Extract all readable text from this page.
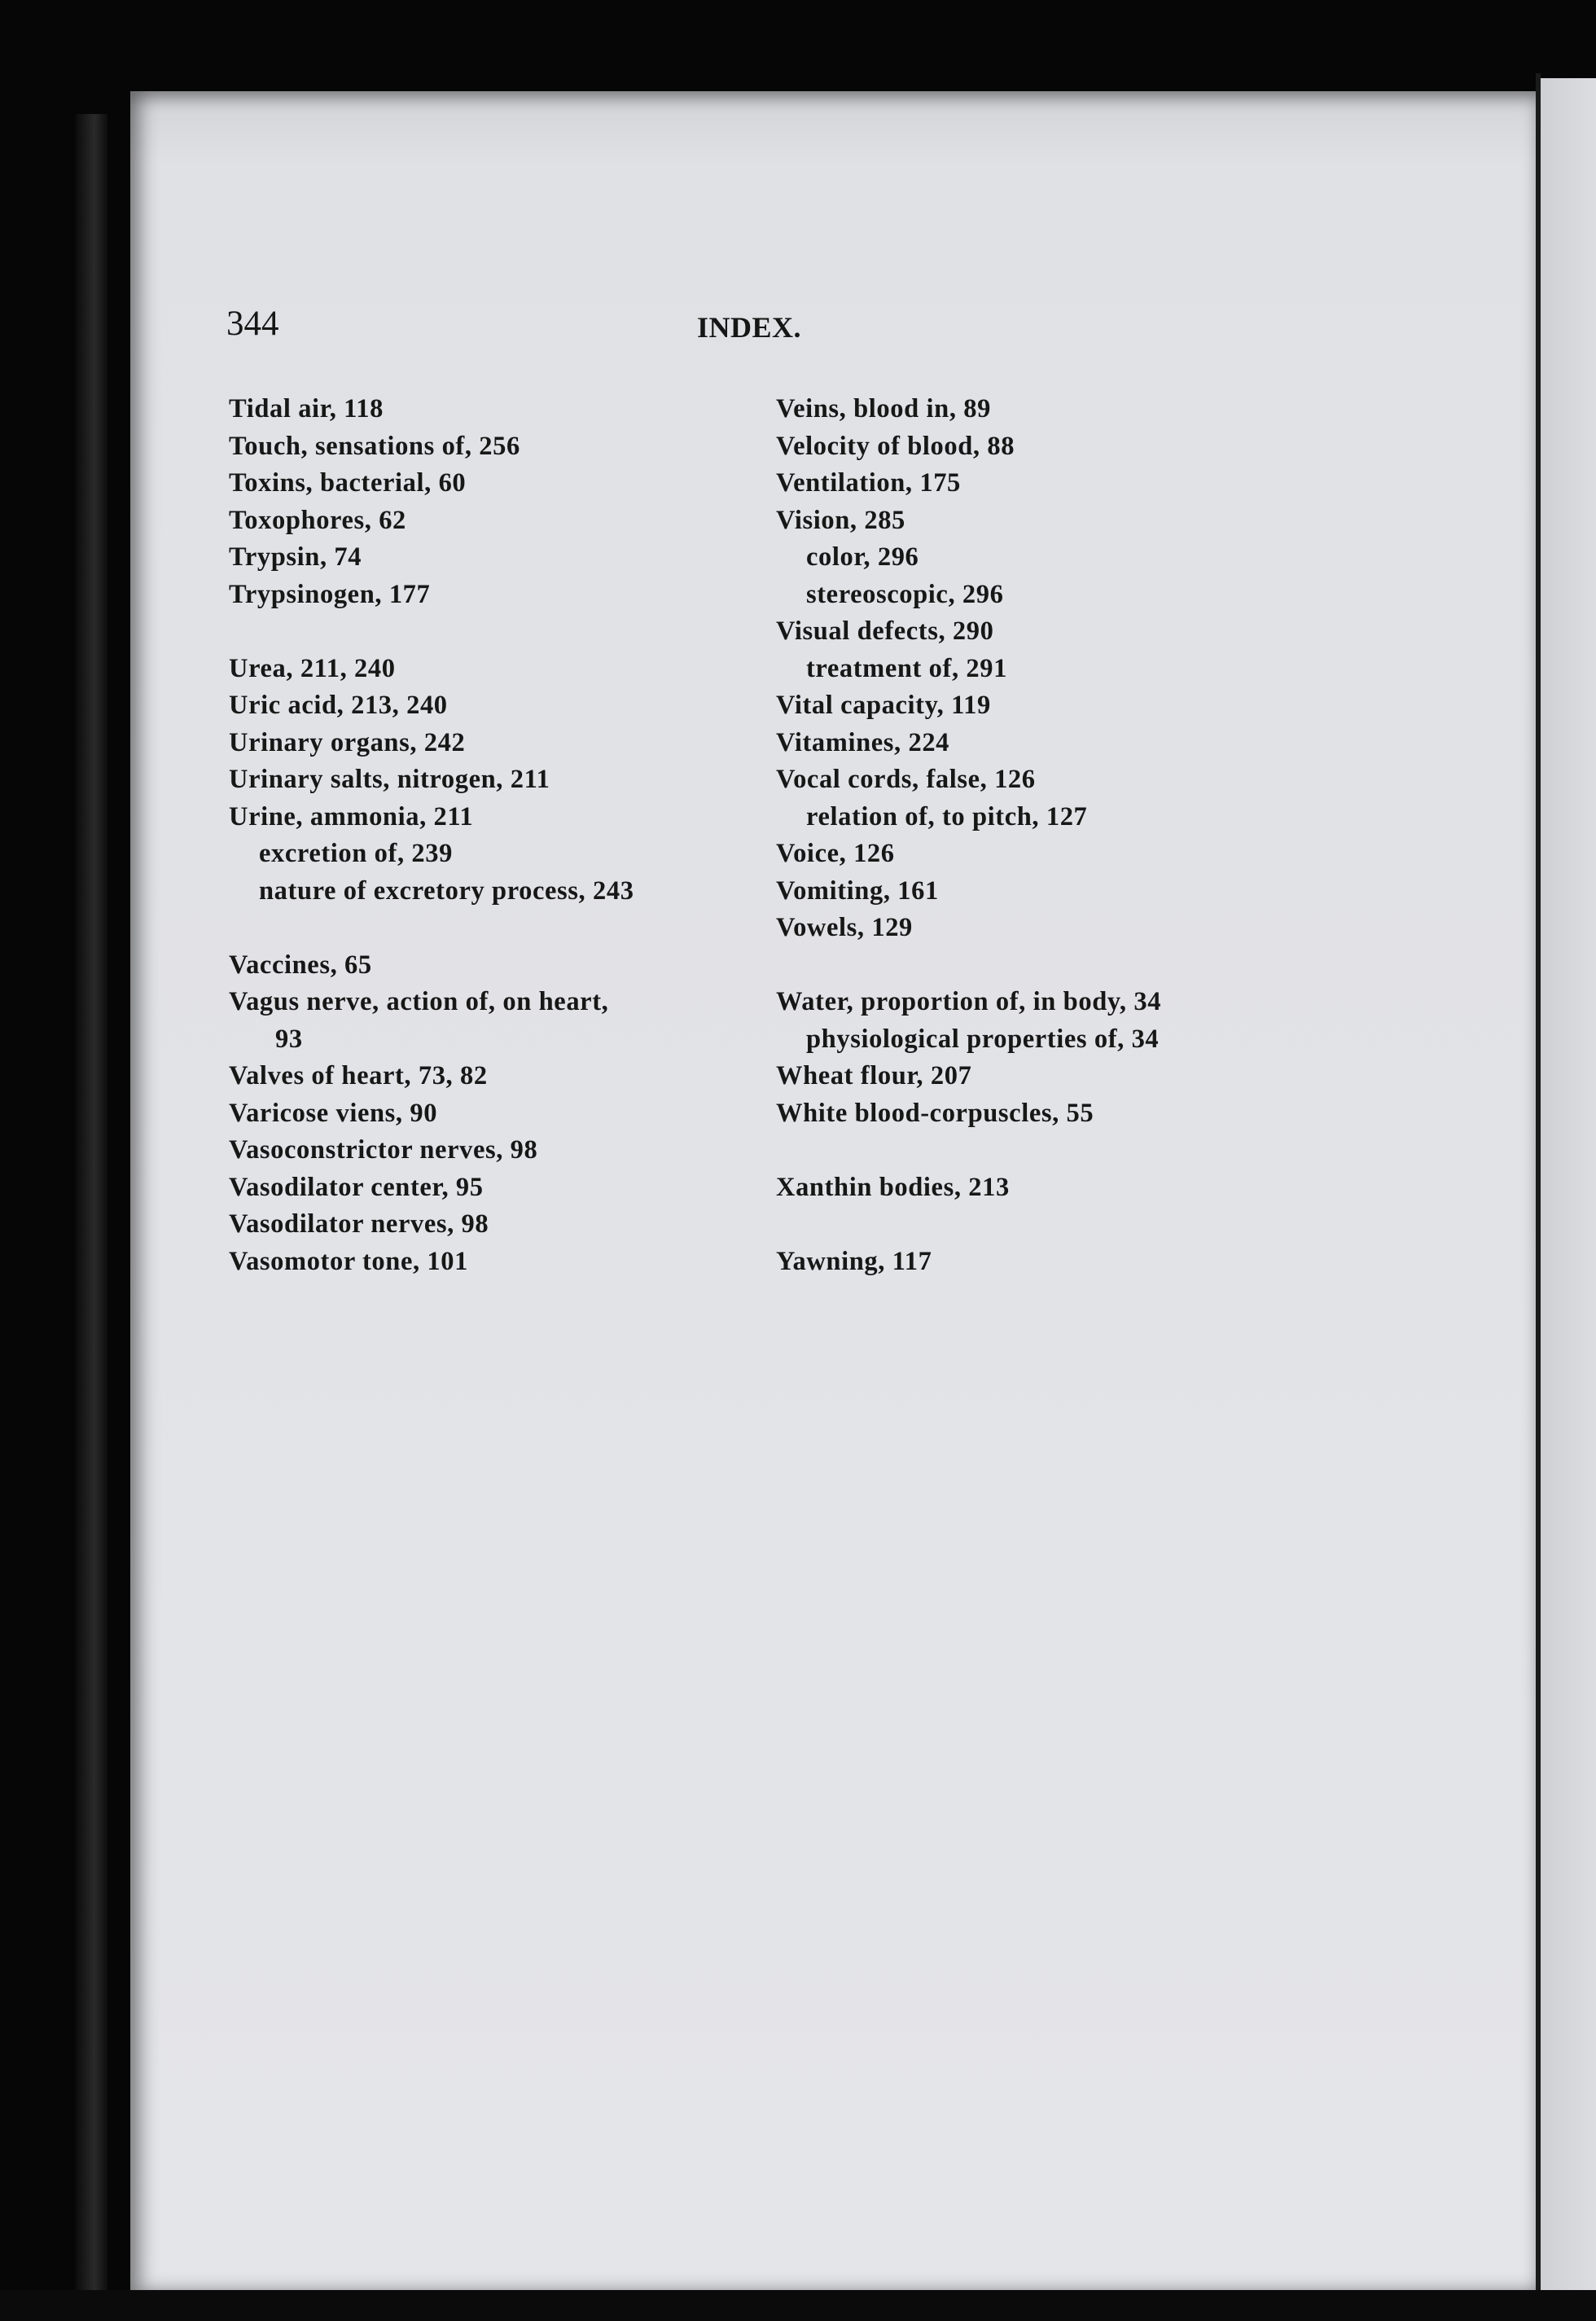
344	INDEX.
Tidal air, 118
Touch, sensations of, 256
Toxins, bacterial, 60
Toxophores, 62
Trypsin, 74
Trypsinogen, 177
Urea, 211, 240
Uric acid, 213, 240
Urinary organs, 242
Urinary salts, nitrogen, 211
Urine, ammonia, 211
excretion of, 239
nature of excretory process, 243
Vaccines, 65
Vagus nerve, action of, on heart,
93
Valves of heart, 73, 82
Varicose viens, 90
Vasoconstrictor nerves, 98
Vasodilator center, 95
Vasodilator nerves, 98
Vasomotor tone, 101
Veins, blood in, 89
Velocity of blood, 88
Ventilation, 175
Vision, 285
color, 296
stereoscopic, 296
Visual defects, 290
treatment of, 291
Vital capacity, 119
Vitamines, 224
Vocal cords, false, 126
relation of, to pitch, 127
Voice, 126
Vomiting, 161
Vowels, 129
Water, proportion of, in body, 34
physiological properties of, 34
Wheat flour, 207
White blood-corpuscles, 55
Xanthin bodies, 213
Yawning, 117
